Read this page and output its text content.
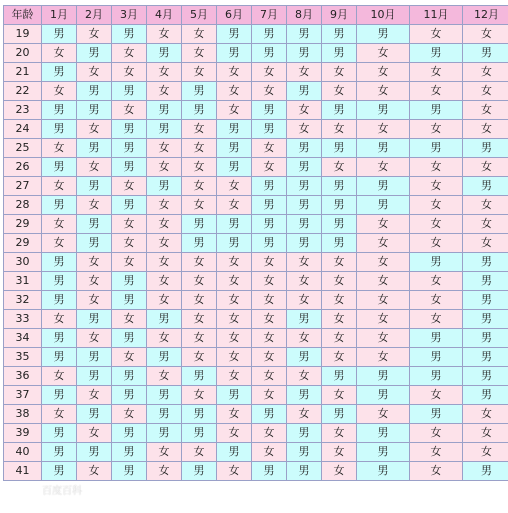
年龄	1月	2月	3月	4月	5月	6月	7月	8月	9月	10月	11月	12月
19	男	女	男	女	女	男	男	男	男	男	女	女
20	女	男	女	男	女	男	男	男	男	女	男	男
21	男	女	女	女	女	女	女	女	女	女	女	女
22	女	男	男	女	男	女	女	男	女	女	女	女
23	男	男	女	男	男	女	男	女	男	男	男	女
24	男	女	男	男	女	男	男	女	女	女	女	女
25	女	男	男	女	女	男	女	男	男	男	男	男
26	男	女	男	女	女	男	女	男	女	女	女	女
27	女	男	女	男	女	女	男	男	男	男	女	男
28	男	女	男	女	女	女	男	男	男	男	女	女
29	女	男	女	女	男	男	男	男	男	女	女	女
29	女	男	女	女	男	男	男	男	男	女	女	女
30	男	女	女	女	女	女	女	女	女	女	男	男
31	男	女	男	女	女	女	女	女	女	女	女	男
32	男	女	男	女	女	女	女	女	女	女	女	男
33	女	男	女	男	女	女	女	男	女	女	女	男
34	男	女	男	女	女	女	女	女	女	女	男	男
35	男	男	女	男	女	女	女	男	女	女	男	男
36	女	男	男	女	男	女	女	女	男	男	男	男
37	男	女	男	男	女	男	女	男	女	男	女	男
38	女	男	女	男	男	女	男	女	男	女	男	女
39	男	女	男	男	男	女	女	男	女	男	女	女
40	男	男	男	女	女	男	女	男	女	男	女	女
41	男	女	男	女	男	女	男	男	女	男	女	男
百度百科
